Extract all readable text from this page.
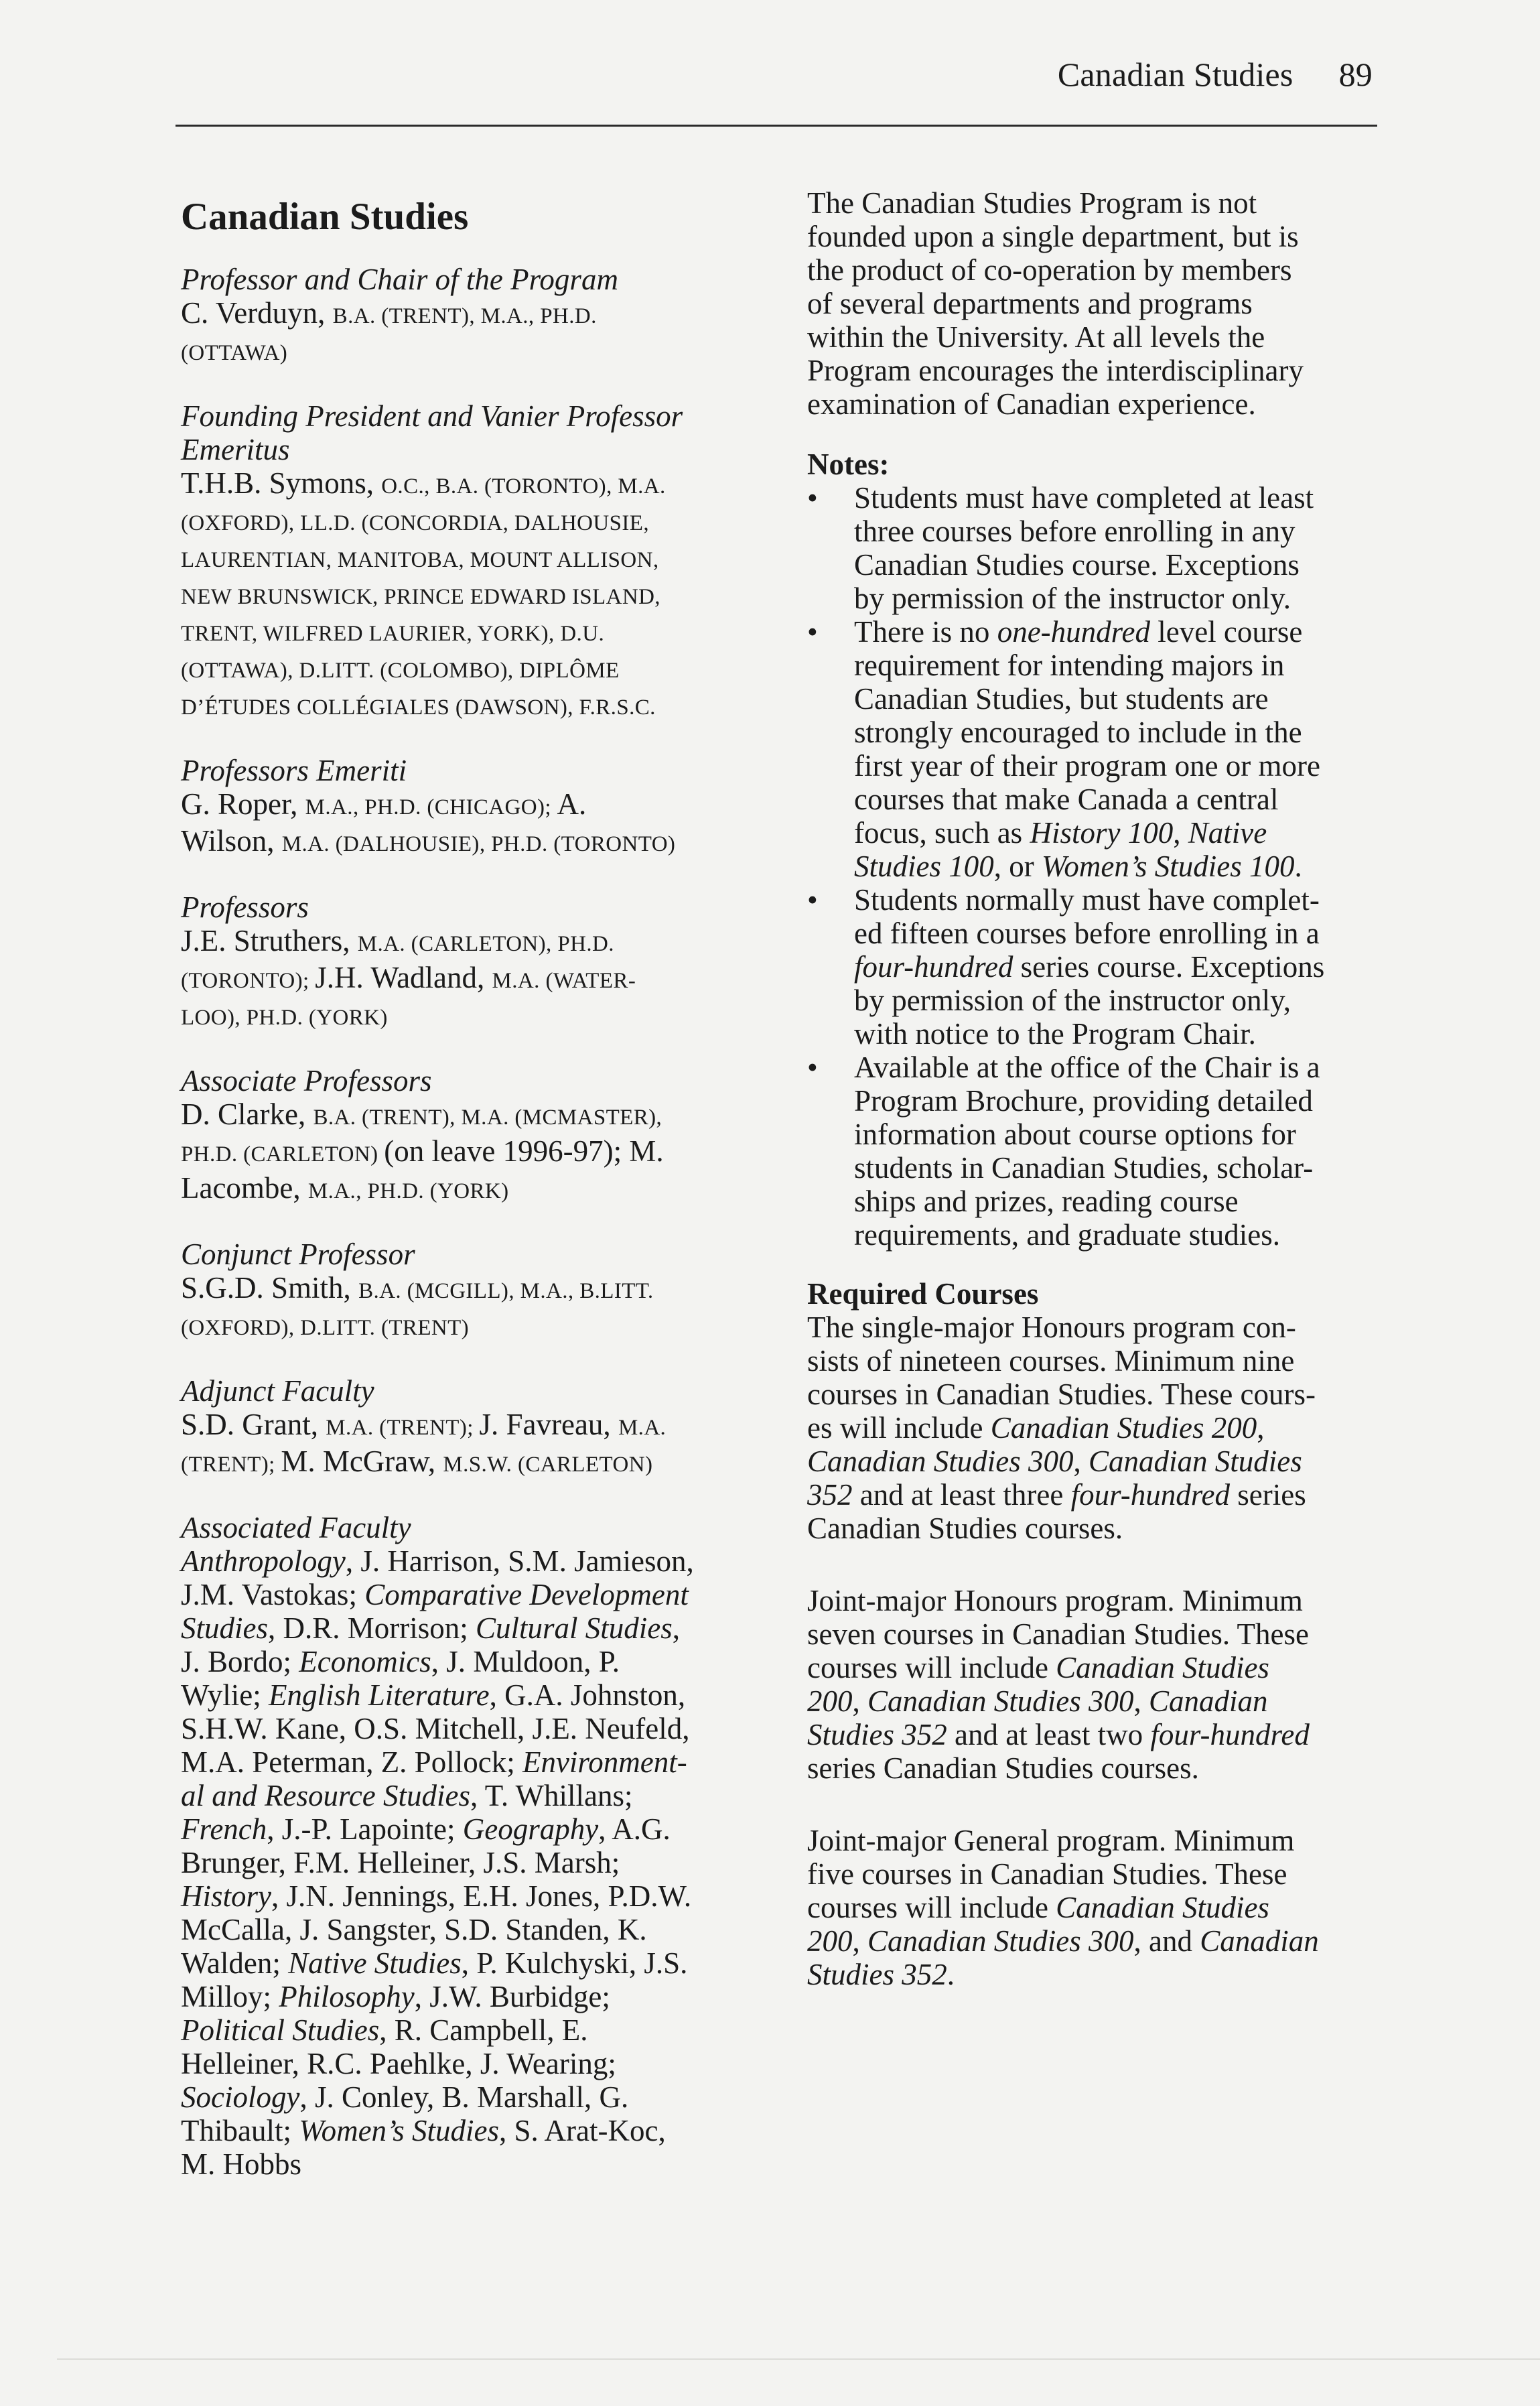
Canadian Studies 89
Canadian Studies
Professor and Chair of the Program
C. Verduyn, B.A. (TRENT), M.A., PH.D.
(OTTAWA)
Founding President and Vanier Professor Emeritus
T.H.B. Symons, O.C., B.A. (TORONTO), M.A.
(OXFORD), LL.D. (CONCORDIA, DALHOUSIE,
LAURENTIAN, MANITOBA, MOUNT ALLISON,
NEW BRUNSWICK, PRINCE EDWARD ISLAND,
TRENT, WILFRED LAURIER, YORK), D.U.
(OTTAWA), D.LITT. (COLOMBO), DIPLÔME
D’ÉTUDES COLLÉGIALES (DAWSON), F.R.S.C.
Professors Emeriti
G. Roper, M.A., PH.D. (CHICAGO); A.
Wilson, M.A. (DALHOUSIE), PH.D. (TORONTO)
Professors
J.E. Struthers, M.A. (CARLETON), PH.D.
(TORONTO); J.H. Wadland, M.A. (WATER-
LOO), PH.D. (YORK)
Associate Professors
D. Clarke, B.A. (TRENT), M.A. (MCMASTER),
PH.D. (CARLETON) (on leave 1996-97); M.
Lacombe, M.A., PH.D. (YORK)
Conjunct Professor
S.G.D. Smith, B.A. (MCGILL), M.A., B.LITT.
(OXFORD), D.LITT. (TRENT)
Adjunct Faculty
S.D. Grant, M.A. (TRENT); J. Favreau, M.A.
(TRENT); M. McGraw, M.S.W. (CARLETON)
Associated Faculty
Anthropology, J. Harrison, S.M. Jamieson,
J.M. Vastokas; Comparative Development
Studies, D.R. Morrison; Cultural Studies,
J. Bordo; Economics, J. Muldoon, P.
Wylie; English Literature, G.A. Johnston,
S.H.W. Kane, O.S. Mitchell, J.E. Neufeld,
M.A. Peterman, Z. Pollock; Environment-
al and Resource Studies, T. Whillans;
French, J.-P. Lapointe; Geography, A.G.
Brunger, F.M. Helleiner, J.S. Marsh;
History, J.N. Jennings, E.H. Jones, P.D.W.
McCalla, J. Sangster, S.D. Standen, K.
Walden; Native Studies, P. Kulchyski, J.S.
Milloy; Philosophy, J.W. Burbidge;
Political Studies, R. Campbell, E.
Helleiner, R.C. Paehlke, J. Wearing;
Sociology, J. Conley, B. Marshall, G.
Thibault; Women’s Studies, S. Arat-Koc,
M. Hobbs
The Canadian Studies Program is not
founded upon a single department, but is
the product of co-operation by members
of several departments and programs
within the University. At all levels the
Program encourages the interdisciplinary
examination of Canadian experience.
Notes:
• Students must have completed at least
three courses before enrolling in any
Canadian Studies course. Exceptions
by permission of the instructor only.
• There is no one-hundred level course
requirement for intending majors in
Canadian Studies, but students are
strongly encouraged to include in the
first year of their program one or more
courses that make Canada a central
focus, such as History 100, Native
Studies 100, or Women’s Studies 100.
• Students normally must have complet-
ed fifteen courses before enrolling in a
four-hundred series course. Exceptions
by permission of the instructor only,
with notice to the Program Chair.
• Available at the office of the Chair is a
Program Brochure, providing detailed
information about course options for
students in Canadian Studies, scholar-
ships and prizes, reading course
requirements, and graduate studies.
Required Courses
The single-major Honours program con-
sists of nineteen courses. Minimum nine
courses in Canadian Studies. These cours-
es will include Canadian Studies 200,
Canadian Studies 300, Canadian Studies
352 and at least three four-hundred series
Canadian Studies courses.
Joint-major Honours program. Minimum
seven courses in Canadian Studies. These
courses will include Canadian Studies
200, Canadian Studies 300, Canadian
Studies 352 and at least two four-hundred
series Canadian Studies courses.
Joint-major General program. Minimum
five courses in Canadian Studies. These
courses will include Canadian Studies
200, Canadian Studies 300, and Canadian
Studies 352.
